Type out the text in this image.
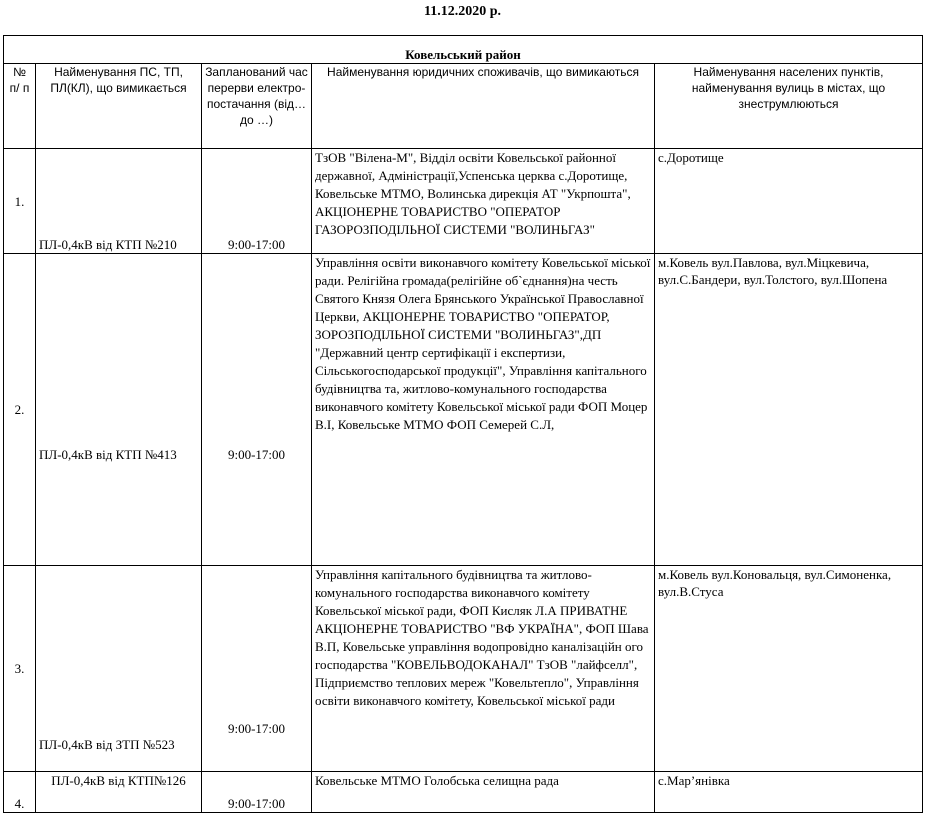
11.12.2020 р.
Ковельський район				
№ п/ п	Найменування ПС, ТП, ПЛ(КЛ), що вимикається	Запланований час перерви електро-постачання (від… до …)	Найменування юридичних споживачів, що вимикаються	Найменування населених пунктів, найменування вулиць в містах, що знеструмлюються
1.	ПЛ-0,4кВ від КТП №210	9:00-17:00	ТзОВ "Вілена-М", Відділ освіти Ковельської районної державної, Адміністрації,Успенська церква с.Доротище, Ковельське МТМО, Волинська дирекція АТ "Укрпошта", АКЦІОНЕРНЕ ТОВАРИСТВО "ОПЕРАТОР ГАЗОРОЗПОДІЛЬНОЇ СИСТЕМИ "ВОЛИНЬГАЗ"	с.Доротище
2.	ПЛ-0,4кВ від КТП №413	9:00-17:00	Управління освіти виконавчого комітету Ковельської міської ради. Релігійна громада(релігійне об`єднання)на честь Святого Князя Олега Брянського Української Православної Церкви, АКЦІОНЕРНЕ ТОВАРИСТВО "ОПЕРАТОР, ЗОРОЗПОДІЛЬНОЇ СИСТЕМИ "ВОЛИНЬГАЗ",ДП "Державний центр сертифікації і експертизи, Сільськогосподарської продукції", Управління капітального будівництва та, житлово-комунального господарства виконавчого комітету Ковельської міської ради ФОП Моцер В.І, Ковельське МТМО ФОП Семерей С.Л,	м.Ковель вул.Павлова, вул.Міцкевича, вул.С.Бандери, вул.Толстого, вул.Шопена
3.	ПЛ-0,4кВ від ЗТП №523	9:00-17:00	Управління капітального будівництва та житлово-комунального господарства виконавчого комітету Ковельської міської ради, ФОП Кисляк Л.А ПРИВАТНЕ АКЦІОНЕРНЕ ТОВАРИСТВО "ВФ УКРАЇНА", ФОП Шава В.П, Ковельське управління водопровідно каналізаційн ого господарства "КОВЕЛЬВОДОКАНАЛ" ТзОВ "лайфселл", Підприємство теплових мереж "Ковельтепло", Управління освіти виконавчого комітету, Ковельської міської ради	м.Ковель вул.Коновальця, вул.Симоненка, вул.В.Стуса
4.	ПЛ-0,4кВ від КТП№126	9:00-17:00	Ковельське МТМО Голобська селищна рада	с.Мар’янівка
